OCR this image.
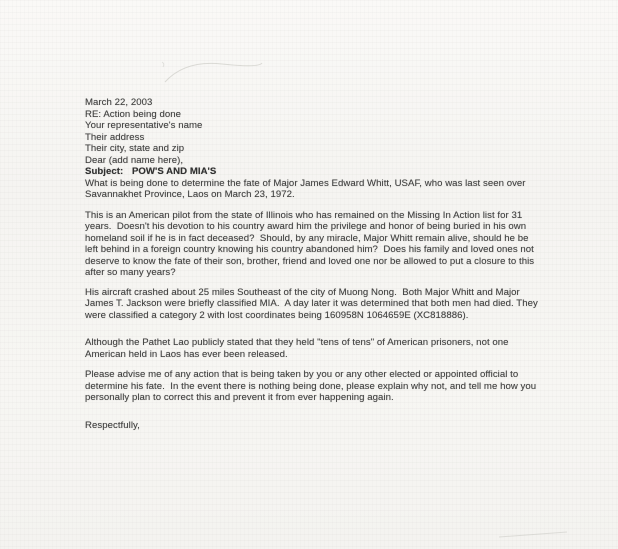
March 22, 2003
RE: Action being done
Your representative's name
Their address
Their city, state and zip
Dear (add name here),
Subject: POW'S AND MIA'S

What is being done to determine the fate of Major James Edward Whitt, USAF, who was last seen over Savannakhet Province, Laos on March 23, 1972.

This is an American pilot from the state of Illinois who has remained on the Missing In Action list for 31 years.  Doesn't his devotion to his country award him the privilege and honor of being buried in his own homeland soil if he is in fact deceased?  Should, by any miracle, Major Whitt remain alive, should he be left behind in a foreign country knowing his country abandoned him?  Does his family and loved ones not deserve to know the fate of their son, brother, friend and loved one nor be allowed to put a closure to this after so many years?

His aircraft crashed about 25 miles Southeast of the city of Muong Nong.  Both Major Whitt and Major James T. Jackson were briefly classified MIA.  A day later it was determined that both men had died. They were classified a category 2 with lost coordinates being 160958N 1064659E (XC818886).

Although the Pathet Lao publicly stated that they held "tens of tens" of American prisoners, not one American held in Laos has ever been released.

Please advise me of any action that is being taken by you or any other elected or appointed official to determine his fate.  In the event there is nothing being done, please explain why not, and tell me how you personally plan to correct this and prevent it from ever happening again.

Respectfully,
